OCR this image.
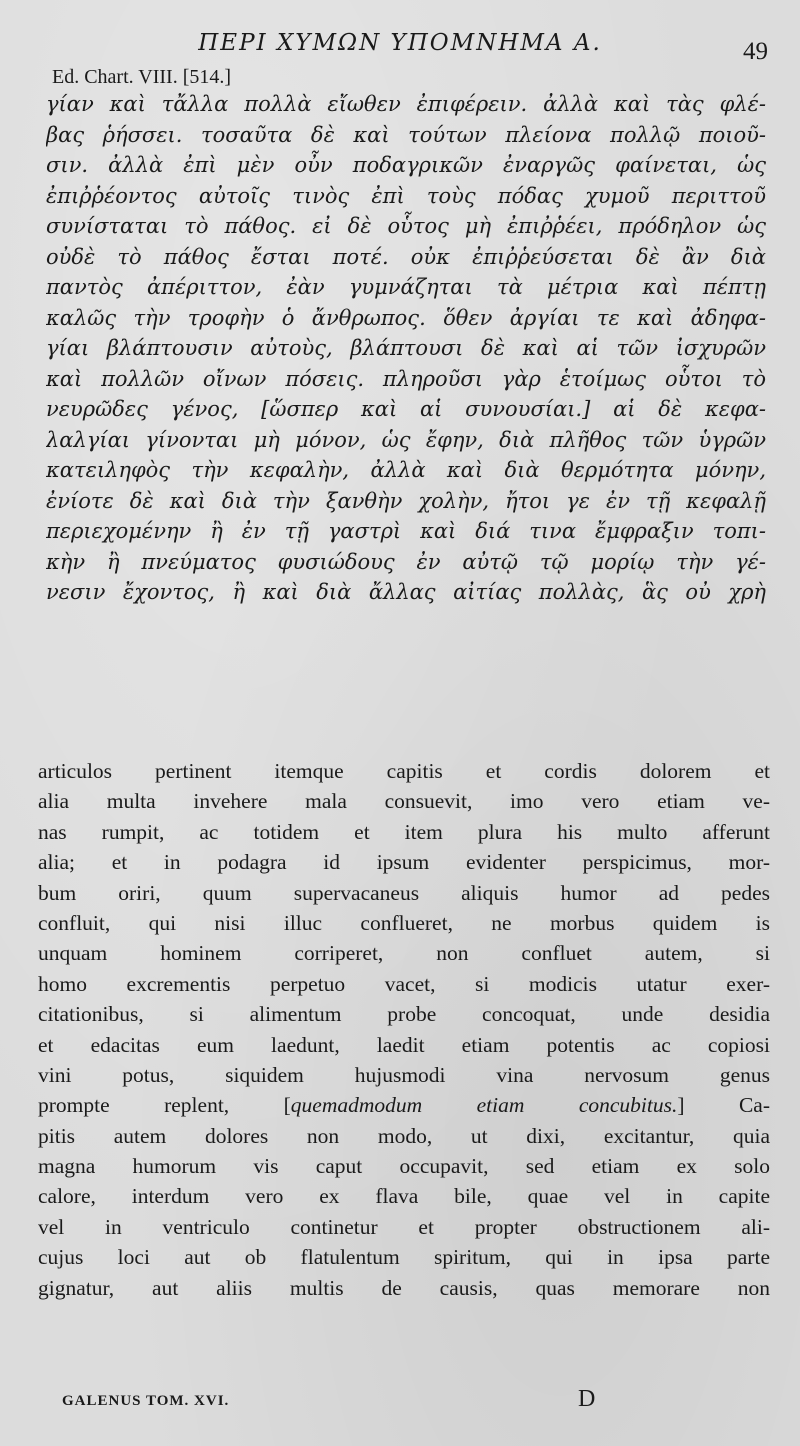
ΠΕΡΙ ΧΥΜΩΝ ΥΠΟΜΝΗΜΑ Α.	49
Ed. Chart. VIII. [514.]
γίαν καὶ τἄλλα πολλὰ εἴωθεν ἐπιφέρειν. ἀλλὰ καὶ τὰς φλέ-
βας ῥήσσει. τοσαῦτα δὲ καὶ τούτων πλείονα πολλῷ ποιοῦ-
σιν. ἀλλὰ ἐπὶ μὲν οὖν ποδαγρικῶν ἐναργῶς φαίνεται, ὡς
ἐπιῤῥέοντος αὐτοῖς τινὸς ἐπὶ τοὺς πόδας χυμοῦ περιττοῦ
συνίσταται τὸ πάθος. εἰ δὲ οὗτος μὴ ἐπιῤῥέει, πρόδηλον ὡς
οὐδὲ τὸ πάθος ἔσται ποτέ. οὐκ ἐπιῤῥεύσεται δὲ ἂν διὰ
παντὸς ἀπέριττον, ἐὰν γυμνάζηται τὰ μέτρια καὶ πέπτῃ
καλῶς τὴν τροφὴν ὁ ἄνθρωπος. ὅθεν ἀργίαι τε καὶ ἀδηφα-
γίαι βλάπτουσιν αὐτοὺς, βλάπτουσι δὲ καὶ αἱ τῶν ἰσχυρῶν
καὶ πολλῶν οἴνων πόσεις. πληροῦσι γὰρ ἑτοίμως οὗτοι τὸ
νευρῶδες γένος, [ὥσπερ καὶ αἱ συνουσίαι.] αἱ δὲ κεφα-
λαλγίαι γίνονται μὴ μόνον, ὡς ἔφην, διὰ πλῆθος τῶν ὑγρῶν
κατειληφὸς τὴν κεφαλὴν, ἀλλὰ καὶ διὰ θερμότητα μόνην,
ἐνίοτε δὲ καὶ διὰ τὴν ξανθὴν χολὴν, ἤτοι γε ἐν τῇ κεφαλῇ
περιεχομένην ἢ ἐν τῇ γαστρὶ καὶ διά τινα ἔμφραξιν τοπι-
κὴν ἢ πνεύματος φυσιώδους ἐν αὐτῷ τῷ μορίῳ τὴν γέ-
νεσιν ἔχοντος, ἢ καὶ διὰ ἄλλας αἰτίας πολλὰς, ἃς οὐ χρὴ
articulos pertinent itemque capitis et cordis dolorem et
alia multa invehere mala consuevit, imo vero etiam ve-
nas rumpit, ac totidem et item plura his multo afferunt
alia; et in podagra id ipsum evidenter perspicimus, mor-
bum oriri, quum supervacaneus aliquis humor ad pedes
confluit, qui nisi illuc conflueret, ne morbus quidem is
unquam hominem corriperet, non confluet autem, si
homo excrementis perpetuo vacet, si modicis utatur exer-
citationibus, si alimentum probe concoquat, unde desidia
et edacitas eum laedunt, laedit etiam potentis ac copiosi
vini potus, siquidem hujusmodi vina nervosum genus
prompte replent, [quemadmodum etiam concubitus.] Ca-
pitis autem dolores non modo, ut dixi, excitantur, quia
magna humorum vis caput occupavit, sed etiam ex solo
calore, interdum vero ex flava bile, quae vel in capite
vel in ventriculo continetur et propter obstructionem ali-
cujus loci aut ob flatulentum spiritum, qui in ipsa parte
gignatur, aut aliis multis de causis, quas memorare non
GALENUS TOM. XVI.	D
